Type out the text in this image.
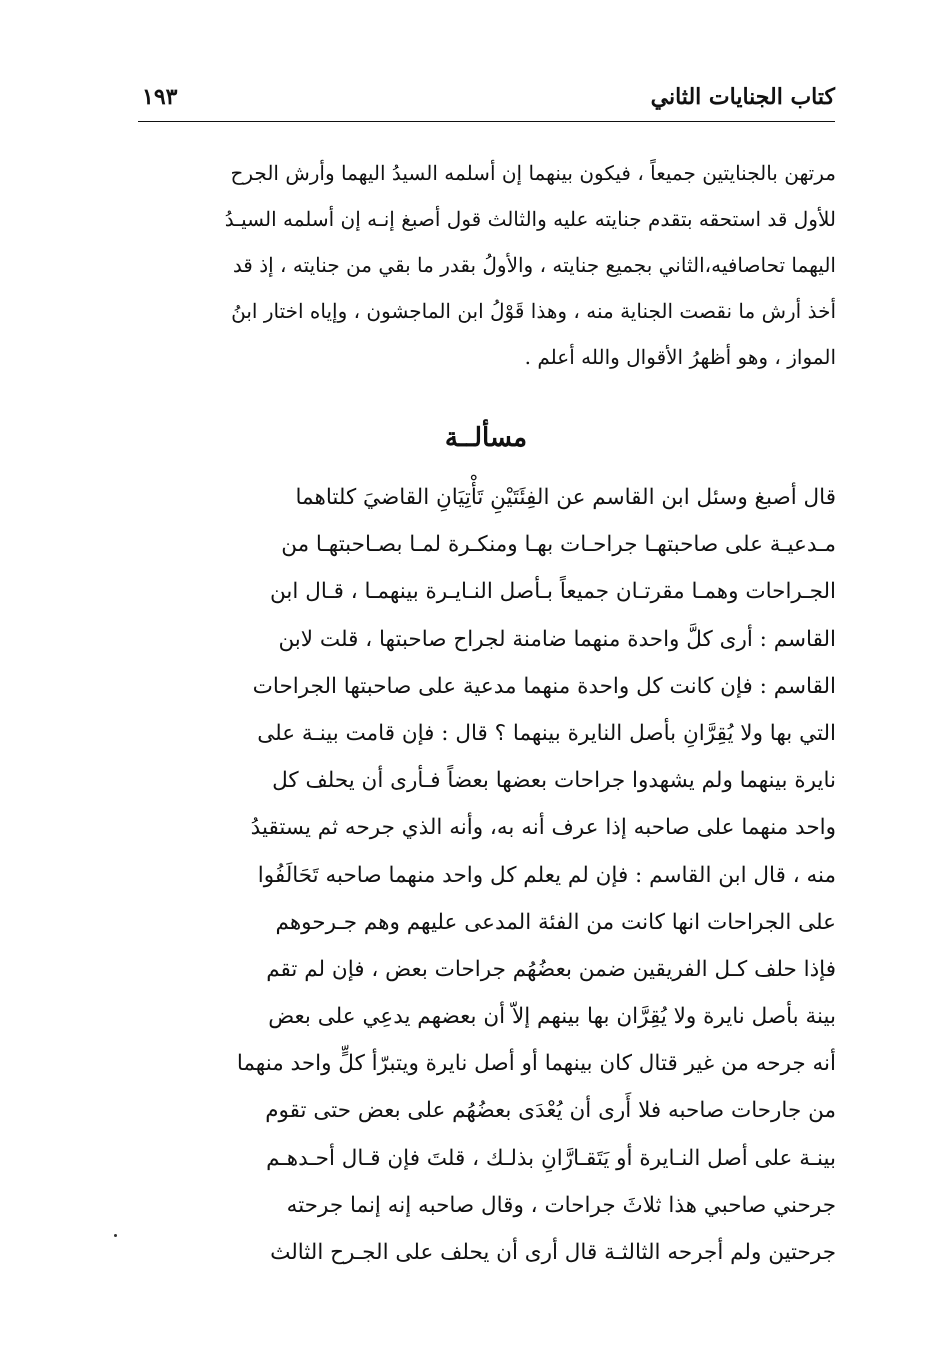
كتاب الجنايات الثاني
١٩٣
مرتهن بالجنايتين جميعاً ، فيكون بينهما إن أسلمه السيدُ اليهما وأرش الجرح
للأول قد استحقه بتقدم جنايته عليه والثالث قول أصبغ إنـه إن أسلمه السيـدُ
اليهما تحاصافيه،الثاني بجميع جنايته ، والأولُ بقدر ما بقي من جنايته ، إذ قد
أخذ أرش ما نقصت الجناية منه ، وهذا قَوْلُ ابن الماجشون ، وإياه اختار ابنُ
المواز ، وهو أظهرُ الأقوال والله أعلم .
مسألــة
قال أصبغ وسئل ابن القاسم عن الفِئَتَيْنِ تَأْتِيَانِ القاضيَ كلتاهما
مـدعيـة على صاحبتهـا جراحـات بهـا ومنكـرة لمـا بصـاحبتهـا من
الجـراحات وهمـا مقرتـان جميعاً بـأصل النـايـرة بينهمـا ، قـال ابن
القاسم : أرى كلَّ واحدة منهما ضامنة لجراح صاحبتها ، قلت لابن
القاسم : فإن كانت كل واحدة منهما مدعية على صاحبتها الجراحات
التي بها ولا يُقِرَّانِ بأصل النايرة بينهما ؟ قال : فإن قامت بينـة على
نايرة بينهما ولم يشهدوا جراحات بعضها بعضاً فـأرى أن يحلف كل
واحد منهما على صاحبه إذا عرف أنه به، وأنه الذي جرحه ثم يستقيدُ
منه ، قال ابن القاسم : فإن لم يعلم كل واحد منهما صاحبه تَحَالَفُوا
على الجراحات انها كانت من الفئة المدعى عليهم وهم جـرحوهم
فإذا حلف كـل الفريقين ضمن بعضُهُم جراحات بعض ، فإن لم تقم
بينة بأصل نايرة ولا يُقِرَّان بها بينهم إلاّ أن بعضهم يدعِي على بعض
أنه جرحه من غير قتال كان بينهما أو أصل نايرة ويتبرّأ كلٍّ واحد منهما
من جارحات صاحبه فلا أَرى أن يُعْدَى بعضُهُم على بعض حتى تقوم
بينـة على أصل النـايرة أو يَتَقـارَّانِ بذلـك ، قلتَ فإن قـال أحـدهـم
جرحني صاحبي هذا ثلاثَ جراحات ، وقال صاحبه إنه إنما جرحته
جرحتين ولم أجرحه الثالثـة قال أرى أن يحلف على الجـرح الثالث
